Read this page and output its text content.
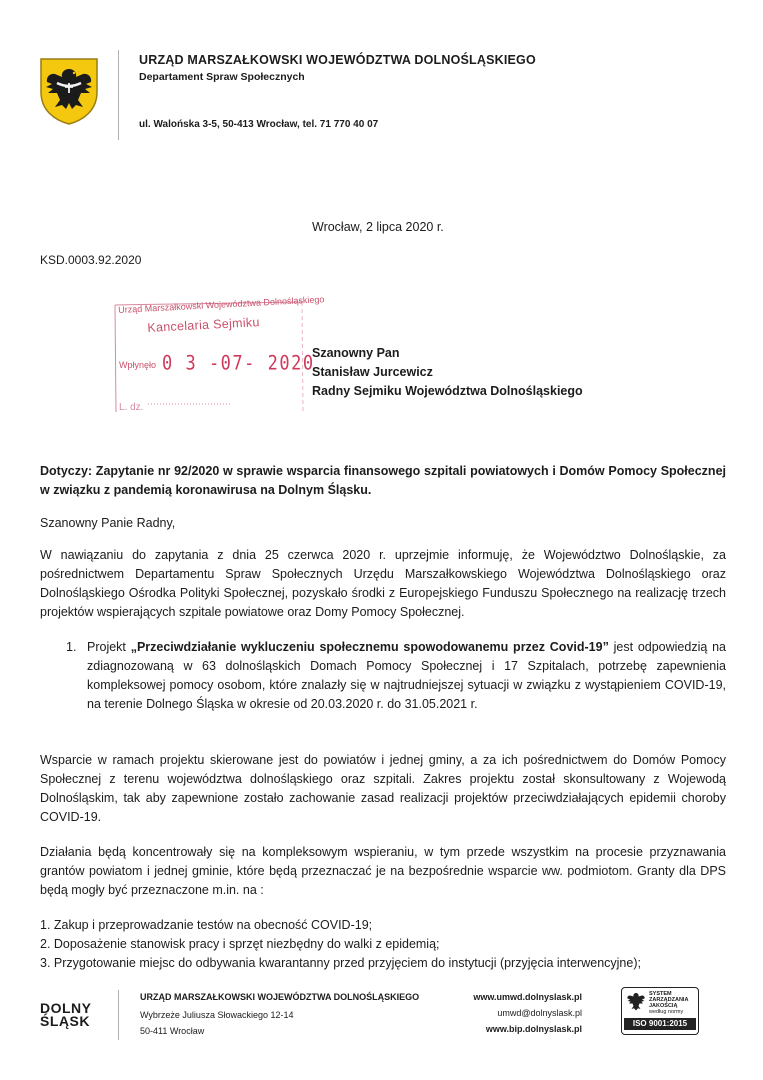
URZĄD MARSZAŁKOWSKI WOJEWÓDZTWA DOLNOŚLĄSKIEGO
Departament Spraw Społecznych
ul. Walońska 3-5, 50-413 Wrocław, tel. 71 770 40 07
Wrocław, 2 lipca 2020 r.
KSD.0003.92.2020
Urząd Marszałkowski Województwa Dolnośląskiego
Kancelaria Sejmiku
Wpłynęło 0 3 -07- 2020
L. dz.
Szanowny Pan
Stanisław Jurcewicz
Radny Sejmiku Województwa Dolnośląskiego
Dotyczy: Zapytanie nr 92/2020 w sprawie wsparcia finansowego szpitali powiatowych i Domów Pomocy Społecznej w związku z pandemią koronawirusa na Dolnym Śląsku.
Szanowny Panie Radny,
W nawiązaniu do zapytania z dnia 25 czerwca 2020 r. uprzejmie informuję, że Województwo Dolnośląskie, za pośrednictwem Departamentu Spraw Społecznych Urzędu Marszałkowskiego Województwa Dolnośląskiego oraz Dolnośląskiego Ośrodka Polityki Społecznej, pozyskało środki z Europejskiego Funduszu Społecznego na realizację trzech projektów wspierających szpitale powiatowe oraz Domy Pomocy Społecznej.
1. Projekt „Przeciwdziałanie wykluczeniu społecznemu spowodowanemu przez Covid-19” jest odpowiedzią na zdiagnozowaną w 63 dolnośląskich Domach Pomocy Społecznej i 17 Szpitalach, potrzebę zapewnienia kompleksowej pomocy osobom, które znalazły się w najtrudniejszej sytuacji w związku z wystąpieniem COVID-19, na terenie Dolnego Śląska w okresie od 20.03.2020 r. do 31.05.2021 r.
Wsparcie w ramach projektu skierowane jest do powiatów i jednej gminy, a za ich pośrednictwem do Domów Pomocy Społecznej z terenu województwa dolnośląskiego oraz szpitali. Zakres projektu został skonsultowany z Wojewodą Dolnośląskim, tak aby zapewnione zostało zachowanie zasad realizacji projektów przeciwdziałających epidemii choroby COVID-19.
Działania będą koncentrowały się na kompleksowym wspieraniu, w tym przede wszystkim na procesie przyznawania grantów powiatom i jednej gminie, które będą przeznaczać je na bezpośrednie wsparcie ww. podmiotom. Granty dla DPS będą mogły być przeznaczone m.in. na :
1. Zakup i przeprowadzanie testów na obecność COVID-19;
2. Doposażenie stanowisk pracy i sprzęt niezbędny do walki z epidemią;
3. Przygotowanie miejsc do odbywania kwarantanny przed przyjęciem do instytucji (przyjęcia interwencyjne);
DOLNY
ŚLĄSK
URZĄD MARSZAŁKOWSKI WOJEWÓDZTWA DOLNOŚLĄSKIEGO
Wybrzeże Juliusza Słowackiego 12-14
50-411 Wrocław
www.umwd.dolnyslask.pl
umwd@dolnyslask.pl
www.bip.dolnyslask.pl
SYSTEM
ZARZĄDZANIA
JAKOŚCIĄ
według normy
ISO 9001:2015
